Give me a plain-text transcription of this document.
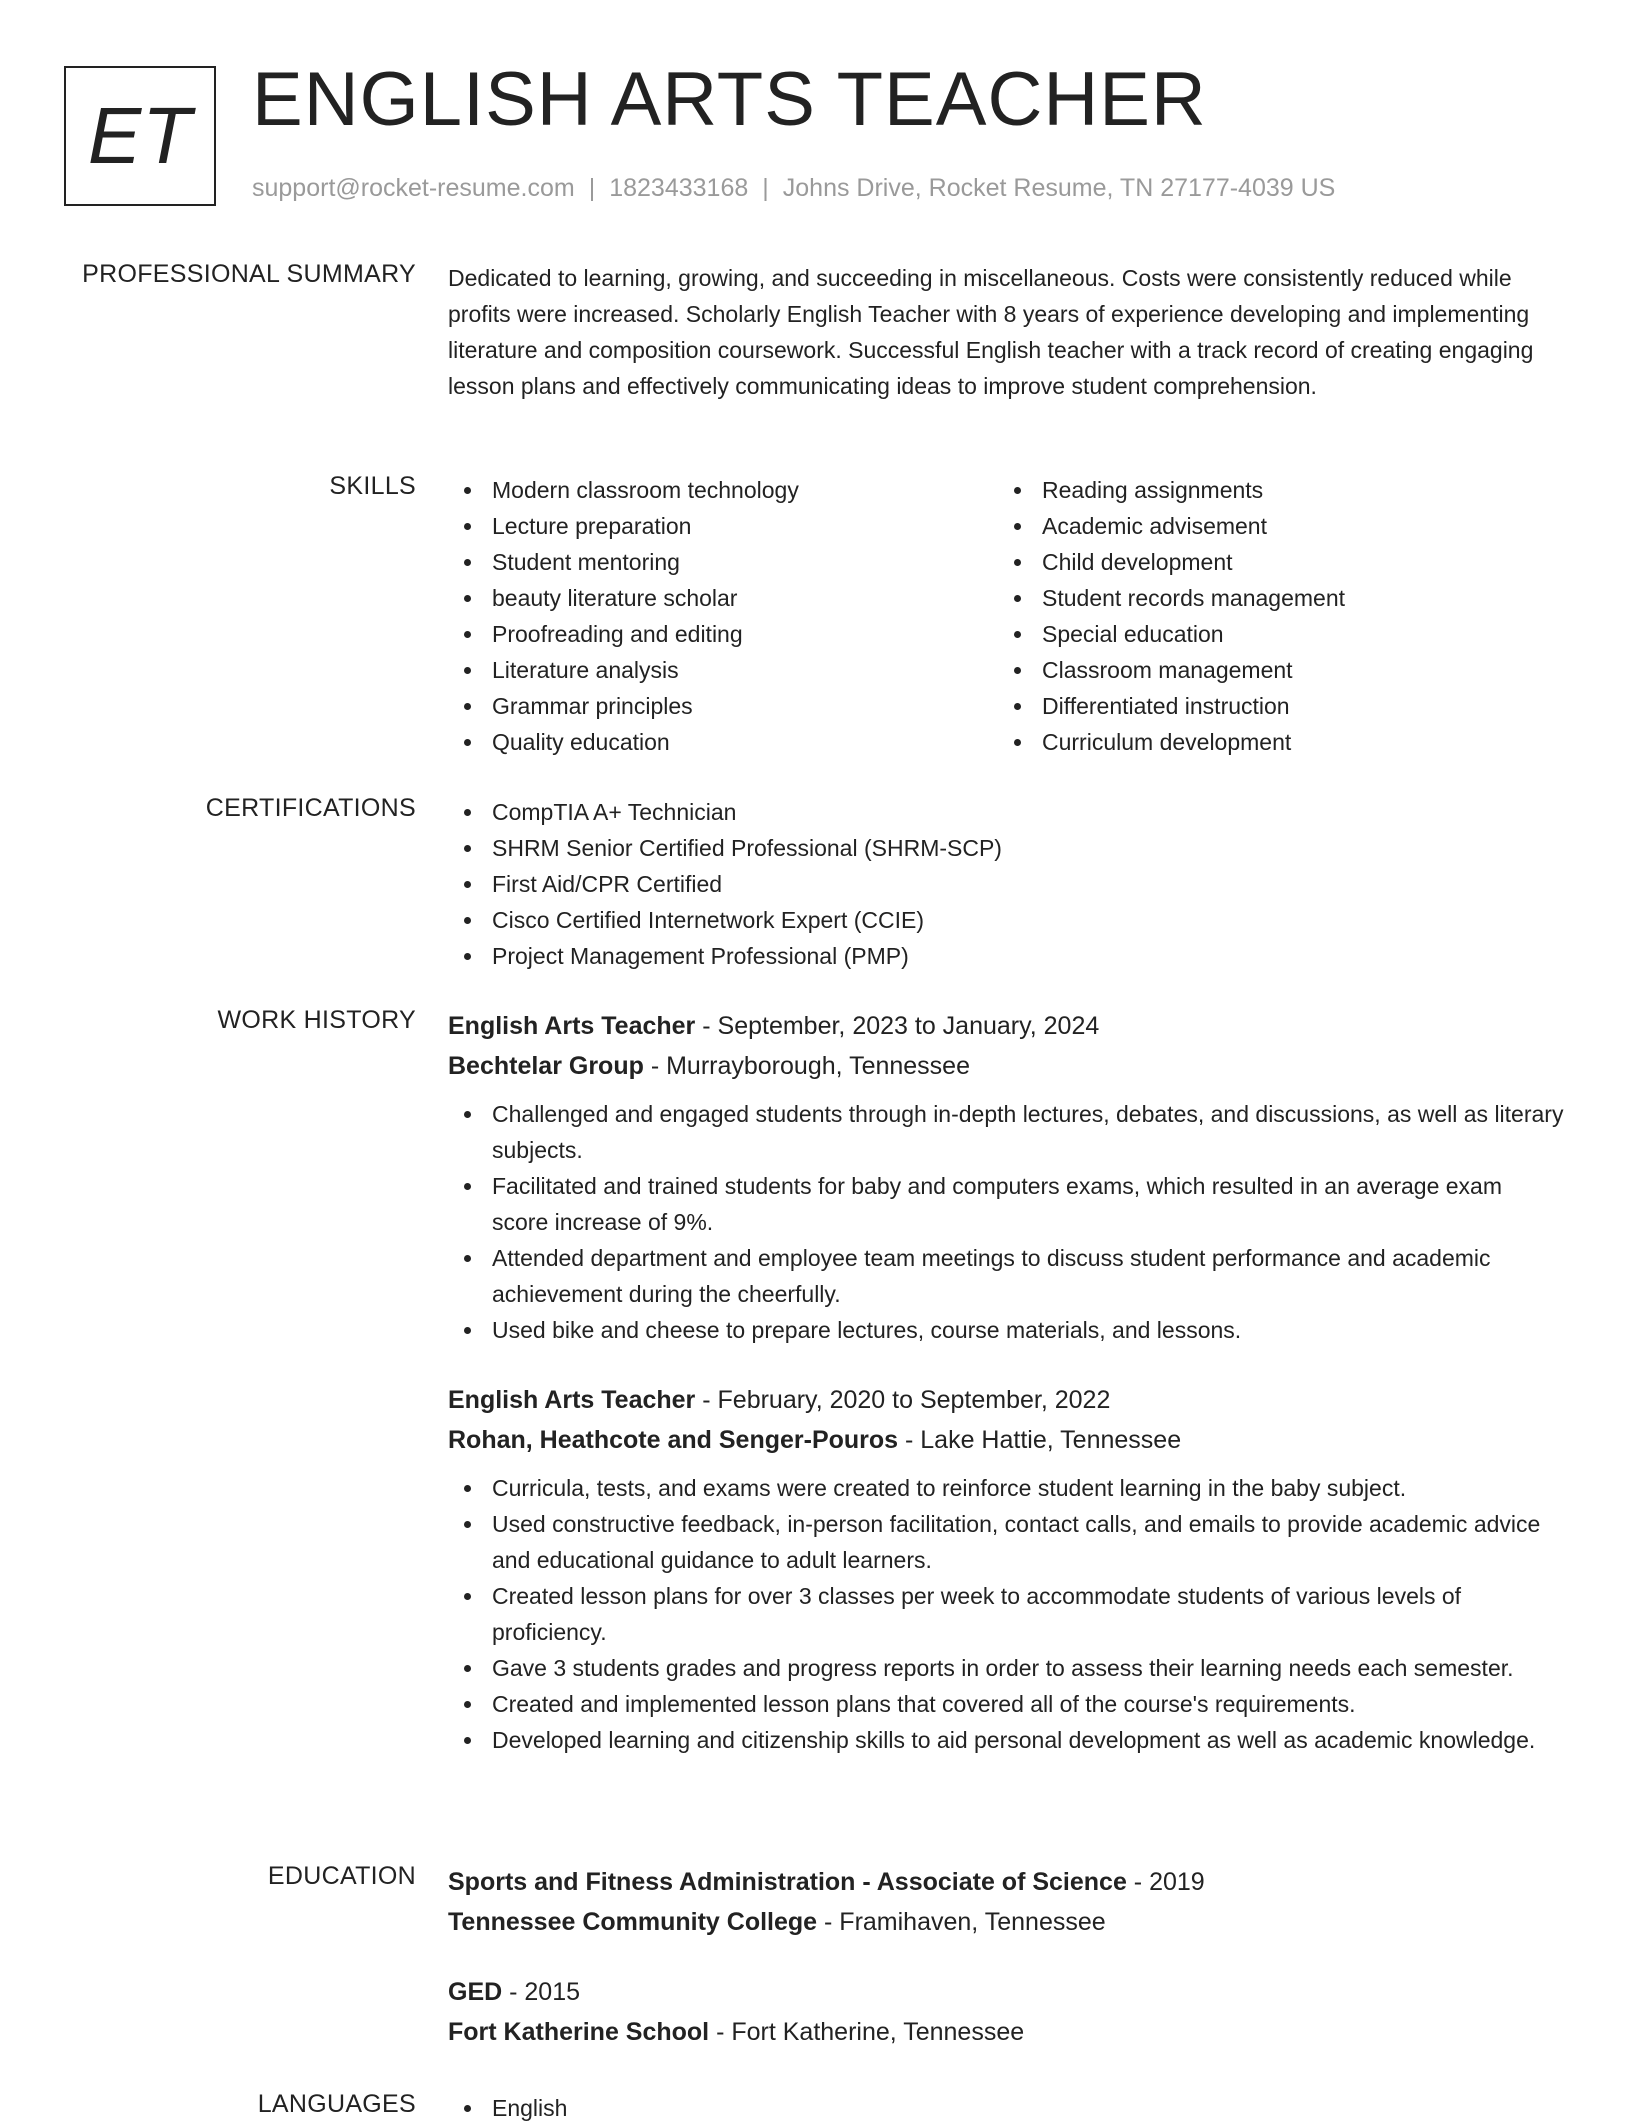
ET ENGLISH ARTS TEACHER
support@rocket-resume.com | 1823433168 | Johns Drive, Rocket Resume, TN 27177-4039 US
PROFESSIONAL SUMMARY Dedicated to learning, growing, and succeeding in miscellaneous. Costs were consistently reduced while profits were increased. Scholarly English Teacher with 8 years of experience developing and implementing literature and composition coursework. Successful English teacher with a track record of creating engaging lesson plans and effectively communicating ideas to improve student comprehension.

SKILLS	Modern classroom technology
Lecture preparation
Student mentoring
beauty literature scholar
Proofreading and editing
Literature analysis
Grammar principles
Quality education
Reading assignments
Academic advisement
Child development
Student records management
Special education
Classroom management
Differentiated instruction
Curriculum development
CERTIFICATIONS	CompTIA A+ Technician
SHRM Senior Certified Professional (SHRM-SCP)
First Aid/CPR Certified
Cisco Certified Internetwork Expert (CCIE)
Project Management Professional (PMP)
WORK HISTORY English Arts Teacher - September, 2023 to January, 2024
Bechtelar Group - Murrayborough, Tennessee
Challenged and engaged students through in-depth lectures, debates, and discussions, as well as literary subjects.
Facilitated and trained students for baby and computers exams, which resulted in an average exam score increase of 9%.
Attended department and employee team meetings to discuss student performance and academic achievement during the cheerfully.
Used bike and cheese to prepare lectures, course materials, and lessons.
English Arts Teacher - February, 2020 to September, 2022
Rohan, Heathcote and Senger-Pouros - Lake Hattie, Tennessee
Curricula, tests, and exams were created to reinforce student learning in the baby subject.
Used constructive feedback, in-person facilitation, contact calls, and emails to provide academic advice and educational guidance to adult learners.
Created lesson plans for over 3 classes per week to accommodate students of various levels of proficiency.
Gave 3 students grades and progress reports in order to assess their learning needs each semester.
Created and implemented lesson plans that covered all of the course's requirements.
Developed learning and citizenship skills to aid personal development as well as academic knowledge.
EDUCATION Sports and Fitness Administration - Associate of Science - 2019
Tennessee Community College - Framihaven, Tennessee
GED - 2015
Fort Katherine School - Fort Katherine, Tennessee
LANGUAGES	English
